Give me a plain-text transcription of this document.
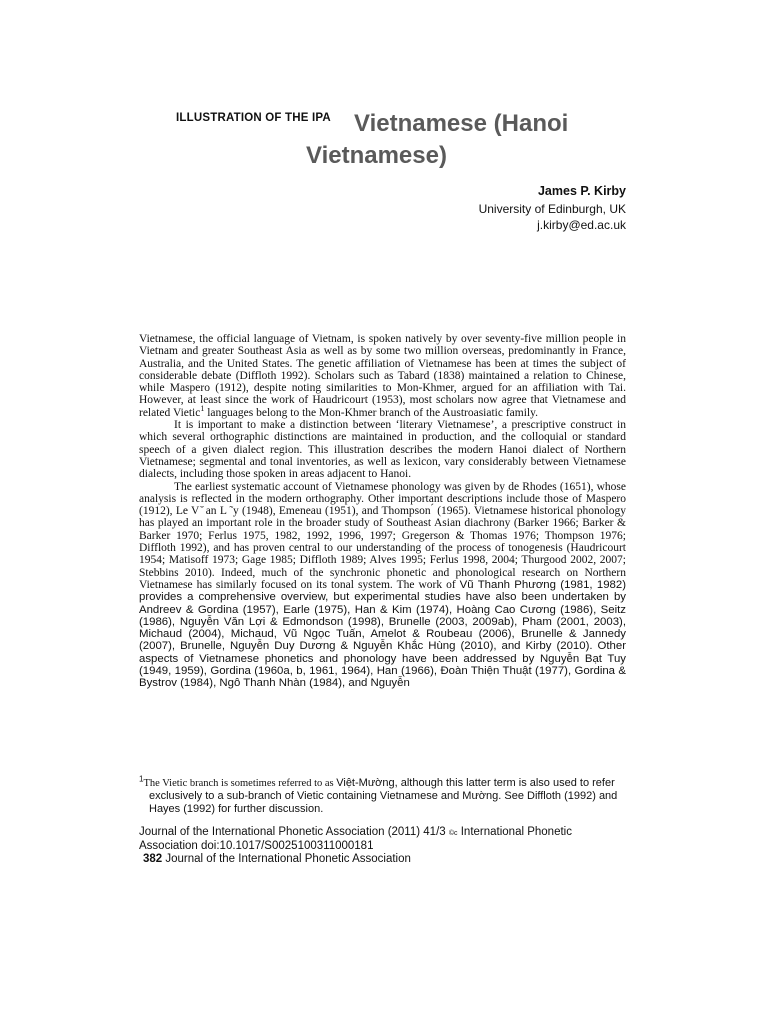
ILLUSTRATION OF THE IPA Vietnamese (Hanoi
Vietnamese)
James P. Kirby
University of Edinburgh, UK
j.kirby@ed.ac.uk

Vietnamese, the official language of Vietnam, is spoken natively by over seventy-five million people in Vietnam and greater Southeast Asia as well as by some two million overseas, predominantly in France, Australia, and the United States. The genetic affiliation of Vietnamese has been at times the subject of considerable debate (Diffloth 1992). Scholars such as Tabard (1838) maintained a relation to Chinese, while Maspero (1912), despite noting similarities to Mon-Khmer, argued for an affiliation with Tai. However, at least since the work of Haudricourt (1953), most scholars now agree that Vietnamese and related Vietic$^1$ languages belong to the Mon-Khmer branch of the Austroasiatic family.

It is important to make a distinction between ‘literary Vietnamese’, a prescriptive construct in which several orthographic distinctions are maintained in production, and the colloquial or standard speech of a given dialect region. This illustration describes the modern Hanoi dialect of Northern Vietnamese; segmental and tonal inventories, as well as lexicon, vary considerably between Vietnamese dialects, including those spoken in areas adjacent to Hanoi.

The earliest systematic account of Vietnamese phonology was given by de Rhodes (1651), whose analysis is reflected in the modern orthography. Other important descriptions include those of Maspero (1912), Le V ̆ an L ̃ y (1948), Emeneau (1951), and Thompson ́ (1965). Vietnamese historical phonology has played an important role in the broader study of Southeast Asian diachrony (Barker 1966; Barker & Barker 1970; Ferlus 1975, 1982, 1992, 1996, 1997; Gregerson & Thomas 1976; Thompson 1976; Diffloth 1992), and has proven central to our understanding of the process of tonogenesis (Haudricourt 1954; Matisoff 1973; Gage 1985; Diffloth 1989; Alves 1995; Ferlus 1998, 2004; Thurgood 2002, 2007; Stebbins 2010). Indeed, much of the synchronic phonetic and phonological research on Northern Vietnamese has similarly focused on its tonal system. The work of Vũ Thanh Phương (1981, 1982) provides a comprehensive overview, but experimental studies have also been undertaken by Andreev & Gordina (1957), Earle (1975), Han & Kim (1974), Hoàng Cao Cương (1986), Seitz (1986), Nguyễn Văn Lợi & Edmondson (1998), Brunelle (2003, 2009ab), Pham (2001, 2003), Michaud (2004), Michaud, Vũ Ngọc Tuấn, Amelot & Roubeau (2006), Brunelle & Jannedy (2007), Brunelle, Nguyễn Duy Dương & Nguyễn Khắc Hùng (2010), and Kirby (2010). Other aspects of Vietnamese phonetics and phonology have been addressed by Nguyễn Bạt Tuy (1949, 1959), Gordina (1960a, b, 1961, 1964), Han (1966), Đoàn Thiện Thuật (1977), Gordina & Bystrov (1984), Ngô Thanh Nhàn (1984), and Nguyễn

$^1$The Vietic branch is sometimes referred to as Việt-Mường, although this latter term is also used to refer
exclusively to a sub-branch of Vietic containing Vietnamese and Mường. See Diffloth (1992) and Hayes (1992) for further discussion.
Journal of the International Phonetic Association (2011) 41/3 ©c International Phonetic
Association doi:10.1017/S0025100311000181
382 Journal of the International Phonetic Association
